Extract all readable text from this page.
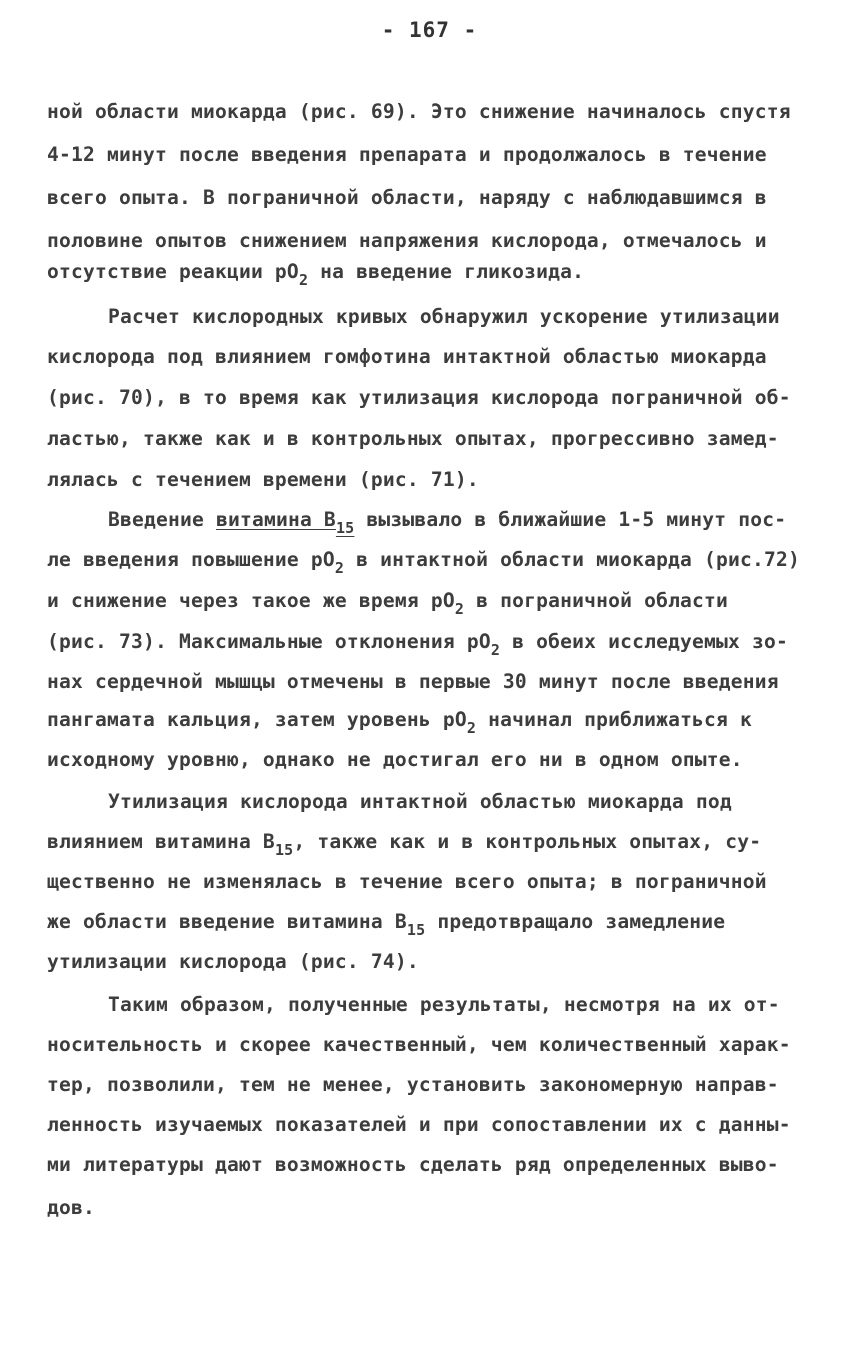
- 167 -
ной области миокарда (рис. 69). Это снижение начиналось спустя
4-12 минут после введения препарата и продолжалось в течение
всего опыта. В пограничной области, наряду с наблюдавшимся в
половине опытов снижением напряжения кислорода, отмечалось и
отсутствие реакции $рО_2$ на введение гликозида.
Расчет кислородных кривых обнаружил ускорение утилизации
кислорода под влиянием гомфотина интактной областью миокарда
(рис. 70), в то время как утилизация кислорода пограничной об-
ластью, также как и в контрольных опытах, прогрессивно замед-
лялась с течением времени (рис. 71).
Введение витамина $В_{15}$ вызывало в ближайшие 1-5 минут пос-
ле введения повышение $рО_2$ в интактной области миокарда (рис.72)
и снижение через такое же время $рО_2$ в пограничной области
(рис. 73). Максимальные отклонения $рО_2$ в обеих исследуемых зо-
нах сердечной мышцы отмечены в первые 30 минут после введения
пангамата кальция, затем уровень $рО_2$ начинал приближаться к
исходному уровню, однако не достигал его ни в одном опыте.
Утилизация кислорода интактной областью миокарда под
влиянием витамина $В_{15}$, также как и в контрольных опытах, су-
щественно не изменялась в течение всего опыта; в пограничной
же области введение витамина $В_{15}$ предотвращало замедление
утилизации кислорода (рис. 74).
Таким образом, полученные результаты, несмотря на их от-
носительность и скорее качественный, чем количественный харак-
тер, позволили, тем не менее, установить закономерную направ-
ленность изучаемых показателей и при сопоставлении их с данны-
ми литературы дают возможность сделать ряд определенных выво-
дов.
